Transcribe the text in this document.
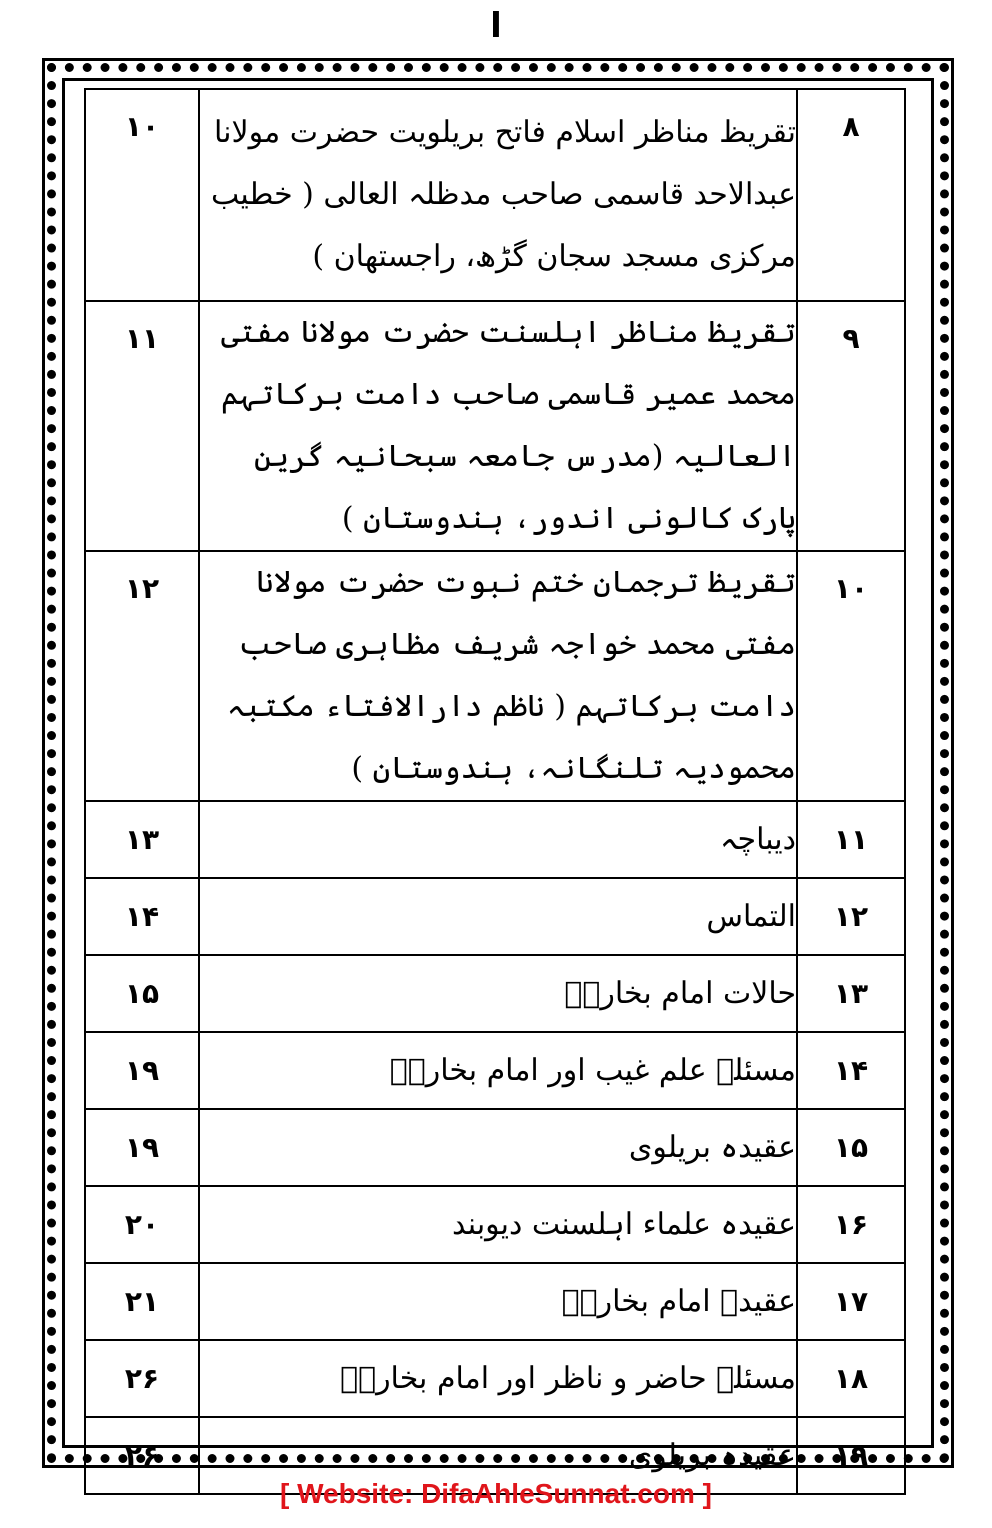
ا
۸	تقریظ مناظر اسلام فاتح بریلویت حضرت مولانا عبدالاحد قاسمی صاحب مدظلہ العالی ( خطیب مرکزی مسجد سجان گڑھ، راجستھان )	۱۰
۹	تقریظ مناظر اہلسنت حضرت مولانا مفتی محمد عمیر قاسمی صاحب دامت برکاتہم العالیہ (مدرس جامعہ سبحانیہ گرین پارک کالونی اندور، ہندوستان )	۱۱
۱۰	تقریظ ترجمان ختم نبوت حضرت مولانا مفتی محمد خواجہ شریف مظاہری صاحب دامت برکاتہم ( ناظم دارالافتاء مکتبہ محمودیہ تلنگانہ، ہندوستان )	۱۲
۱۱	دیباچہ	۱۳
۱۲	التماس	۱۴
۱۳	حالات امام بخاریؒ	۱۵
۱۴	مسئلہ علم غیب اور امام بخاریؒ	۱۹
۱۵	عقیدہ بریلوی	۱۹
۱۶	عقیدہ علماء اہلسنت دیوبند	۲۰
۱۷	عقیدہ امام بخاریؒ	۲۱
۱۸	مسئلہ حاضر و ناظر اور امام بخاریؒ	۲۶
۱۹	عقیدہ بریلوی	۲۶
[ Website: DifaAhleSunnat.com ]
